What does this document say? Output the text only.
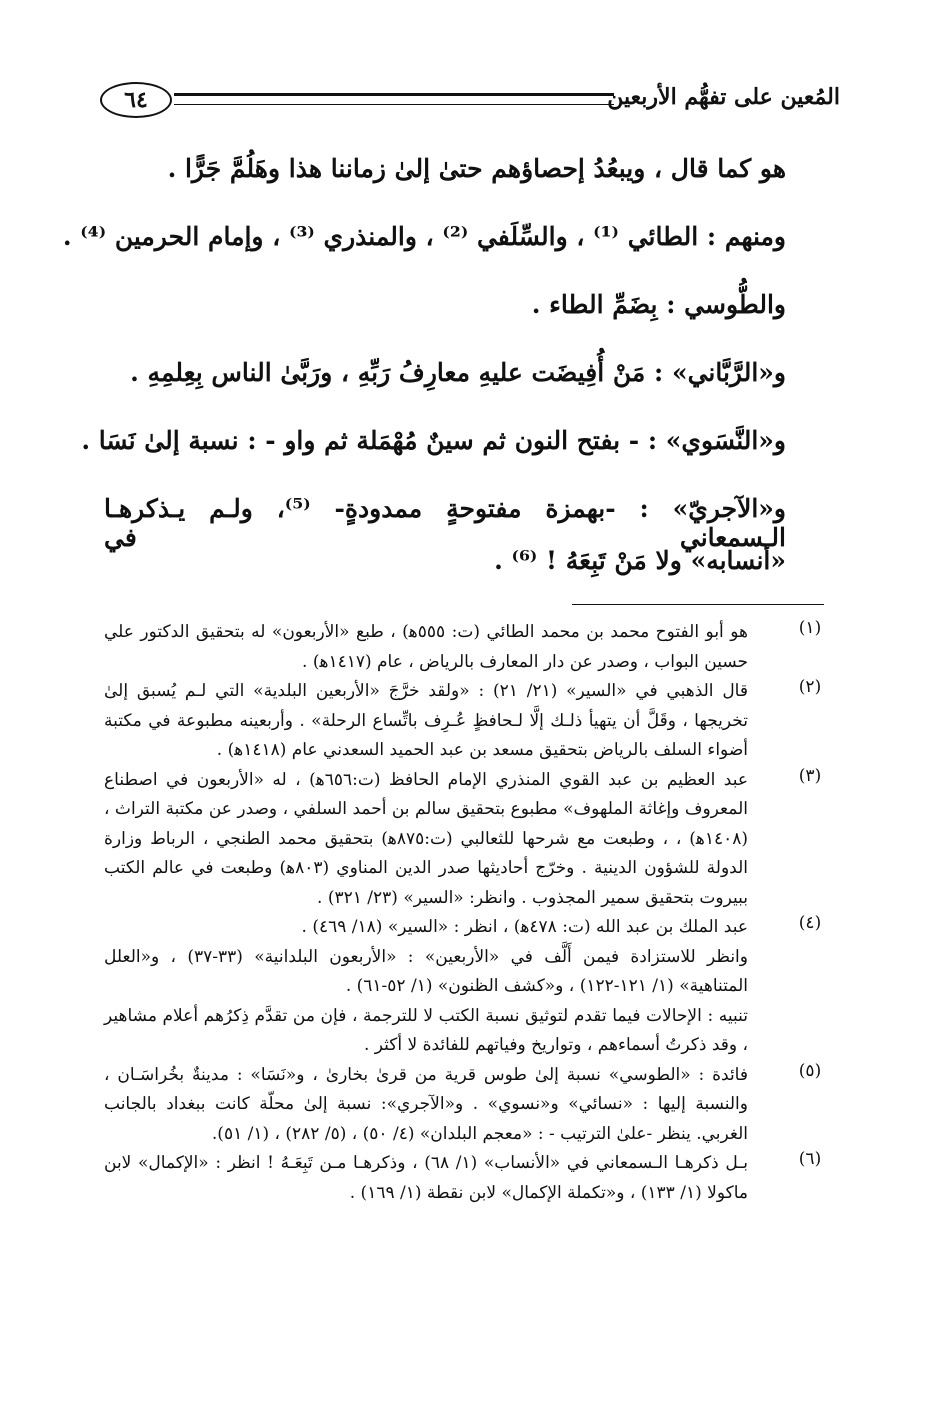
٦٤	المُعين على تفهُّم الأربعين

هو كما قال ، ويبعُدُ إحصاؤهم حتىٰ إلىٰ زماننا هذا وهَلُمَّ جَرًّا .

ومنهم : الطائي ⁽¹⁾ ، والسِّلَفي ⁽²⁾ ، والمنذري ⁽³⁾ ، وإمام الحرمين ⁽⁴⁾ .

والطُّوسي : بِضَمِّ الطاء .

و«الرَّبَّاني» : مَنْ أُفِيضَت عليهِ معارِفُ رَبِّهِ ، ورَبَّىٰ الناس بِعِلمِهِ .

و«النَّسَوي» : - بفتح النون ثم سينٌ مُهْمَلة ثم واو - : نسبة إلىٰ نَسَا .

و«الآجريّ» : -بهمزة مفتوحةٍ ممدودةٍ- ⁽⁵⁾، ولـم يـذكرهـا الـسمعاني في

«أنسابه» ولا مَنْ تَبِعَهُ ! ⁽⁶⁾ .

(١)
هو أبو الفتوح محمد بن محمد الطائي (ت: ٥٥٥ﻫ) ، طبع «الأربعون» له بتحقيق الدكتور علي حسين البواب ، وصدر عن دار المعارف بالرياض ، عام (١٤١٧ﻫ) .
(٢)
قال الذهبي في «السير» (٢١/ ٢١) : «ولقد خرَّجَ «الأربعين البلدية» التي لـم يُسبق إلىٰ تخريجها ، وقَلَّ أن يتهيأ ذلـك إلَّا لـحافظٍ عُـرِف باتِّساع الرحلة» . وأربعينه مطبوعة في مكتبة أضواء السلف بالرياض بتحقيق مسعد بن عبد الحميد السعدني عام (١٤١٨ﻫ) .
(٣)
عبد العظيم بن عبد القوي المنذري الإمام الحافظ (ت:٦٥٦ﻫ) ، له «الأربعون في اصطناع المعروف وإغاثة الملهوف» مطبوع بتحقيق سالم بن أحمد السلفي ، وصدر عن مكتبة التراث ، (١٤٠٨ﻫ) ، ، وطبعت مع شرحها للثعالبي (ت:٨٧٥ﻫ) بتحقيق محمد الطنجي ، الرباط وزارة الدولة للشؤون الدينية . وخرّج أحاديثها صدر الدين المناوي (٨٠٣ﻫ) وطبعت في عالم الكتب ببيروت بتحقيق سمير المجذوب . وانظر: «السير» (٢٣/ ٣٢١) .
(٤)
عبد الملك بن عبد الله (ت: ٤٧٨ﻫ) ، انظر : «السير» (١٨/ ٤٦٩) .
وانظر للاستزادة فيمن أَلَّف في «الأربعين» : «الأربعون البلدانية» (٣٣-٣٧) ، و«العلل المتناهية» (١/ ١٢١-١٢٢) ، و«كشف الظنون» (١/ ٥٢-٦١) .
تنبيه : الإحالات فيما تقدم لتوثيق نسبة الكتب لا للترجمة ، فإن من تقدَّم ذِكرُهم أعلام مشاهير ، وقد ذكرتُ أسماءهم ، وتواريخ وفياتهم للفائدة لا أكثر .
(٥)
فائدة : «الطوسي» نسبة إلىٰ طوس قرية من قرىٰ بخارىٰ ، و«نَسَا» : مدينةٌ بخُراسَـان ، والنسبة إليها : «نسائي» و«نسوي» . و«الآجري»: نسبة إلىٰ محلّة كانت ببغداد بالجانب الغربي. ينظر -علىٰ الترتيب - : «معجم البلدان» (٤/ ٥٠) ، (٥/ ٢٨٢) ، (١/ ٥١).
(٦)
بـل ذكرهـا الـسمعاني في «الأنساب» (١/ ٦٨) ، وذكرهـا مـن تَبِعَـهُ ! انظر : «الإكمال» لابن ماكولا (١/ ١٣٣) ، و«تكملة الإكمال» لابن نقطة (١/ ١٦٩) .
